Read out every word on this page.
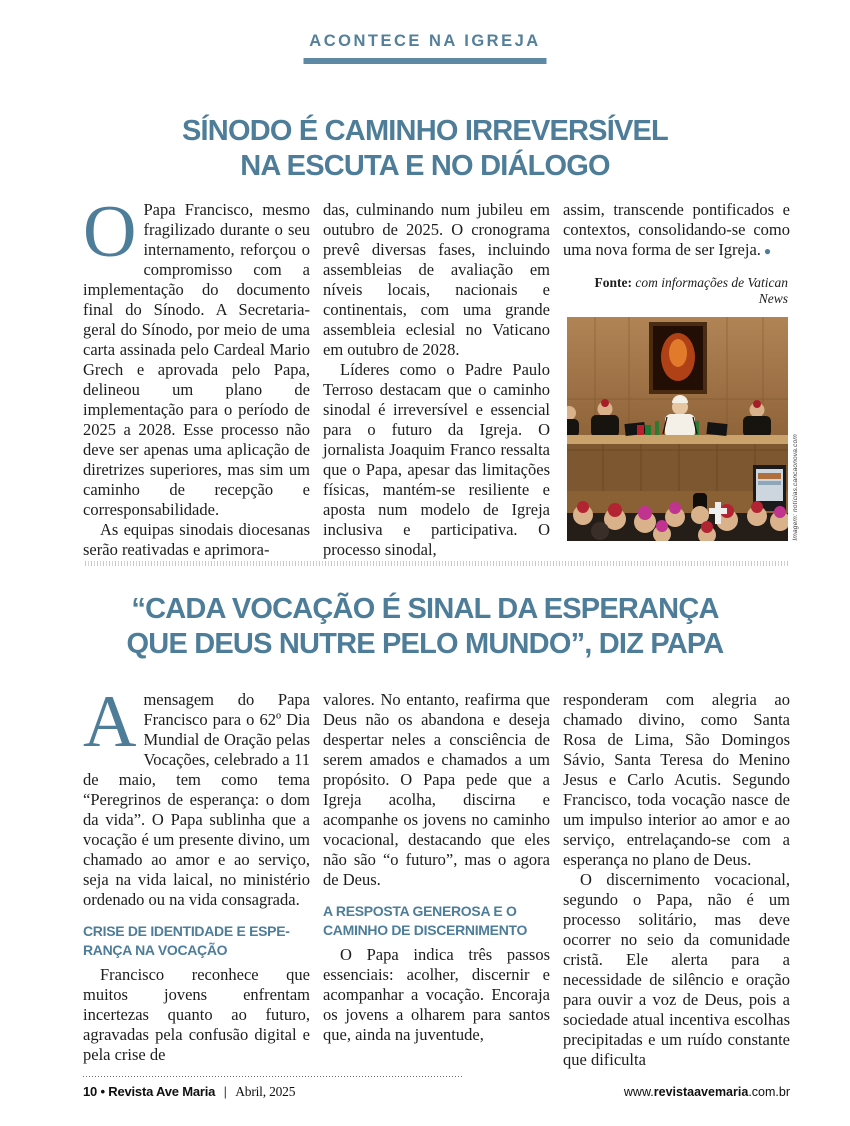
ACONTECE NA IGREJA
SÍNODO É CAMINHO IRREVERSÍVEL
NA ESCUTA E NO DIÁLOGO

O Papa Francisco, mesmo fragilizado durante o seu internamento, reforçou o compromisso com a implementação do documento final do Sínodo. A Secretaria-geral do Sínodo, por meio de uma carta assinada pelo Cardeal Mario Grech e aprovada pelo Papa, delineou um plano de implementação para o período de 2025 a 2028. Esse processo não deve ser apenas uma aplicação de diretrizes superiores, mas sim um caminho de recepção e corresponsabilidade.

As equipas sinodais diocesanas serão reativadas e aprimora-

das, culminando num jubileu em outubro de 2025. O cronograma prevê diversas fases, incluindo assembleias de avaliação em níveis locais, nacionais e continentais, com uma grande assembleia eclesial no Vaticano em outubro de 2028.

Líderes como o Padre Paulo Terroso destacam que o caminho sinodal é irreversível e essencial para o futuro da Igreja. O jornalista Joaquim Franco ressalta que o Papa, apesar das limitações físicas, mantém-se resiliente e aposta num modelo de Igreja inclusiva e participativa. O processo sinodal,

assim, transcende pontificados e contextos, consolidando-se como uma nova forma de ser Igreja. ●

Fonte: com informações de Vatican News

Imagem: notícias.cancaonova.com
“CADA VOCAÇÃO É SINAL DA ESPERANÇA
QUE DEUS NUTRE PELO MUNDO”, DIZ PAPA

Amensagem do Papa Francisco para o 62º Dia Mundial de Oração pelas Vocações, celebrado a 11 de maio, tem como tema “Peregrinos de esperança: o dom da vida”. O Papa sublinha que a vocação é um presente divino, um chamado ao amor e ao serviço, seja na vida laical, no ministério ordenado ou na vida consagrada.

CRISE DE IDENTIDADE E ESPE-
RANÇA NA VOCAÇÃO

Francisco reconhece que muitos jovens enfrentam incertezas quanto ao futuro, agravadas pela confusão digital e pela crise de

valores. No entanto, reafirma que Deus não os abandona e deseja despertar neles a consciência de serem amados e chamados a um propósito. O Papa pede que a Igreja acolha, discirna e acompanhe os jovens no caminho vocacional, destacando que eles não são “o futuro”, mas o agora de Deus.

A RESPOSTA GENEROSA E O
CAMINHO DE DISCERNIMENTO

O Papa indica três passos essenciais: acolher, discernir e acompanhar a vocação. Encoraja os jovens a olharem para santos que, ainda na juventude,

responderam com alegria ao chamado divino, como Santa Rosa de Lima, São Domingos Sávio, Santa Teresa do Menino Jesus e Carlo Acutis. Segundo Francisco, toda vocação nasce de um impulso interior ao amor e ao serviço, entrelaçando-se com a esperança no plano de Deus.

O discernimento vocacional, segundo o Papa, não é um processo solitário, mas deve ocorrer no seio da comunidade cristã. Ele alerta para a necessidade de silêncio e oração para ouvir a voz de Deus, pois a sociedade atual incentiva escolhas precipitadas e um ruído constante que dificulta

10 • Revista Ave Maria | Abril, 2025	www.revistaavemaria.com.br
